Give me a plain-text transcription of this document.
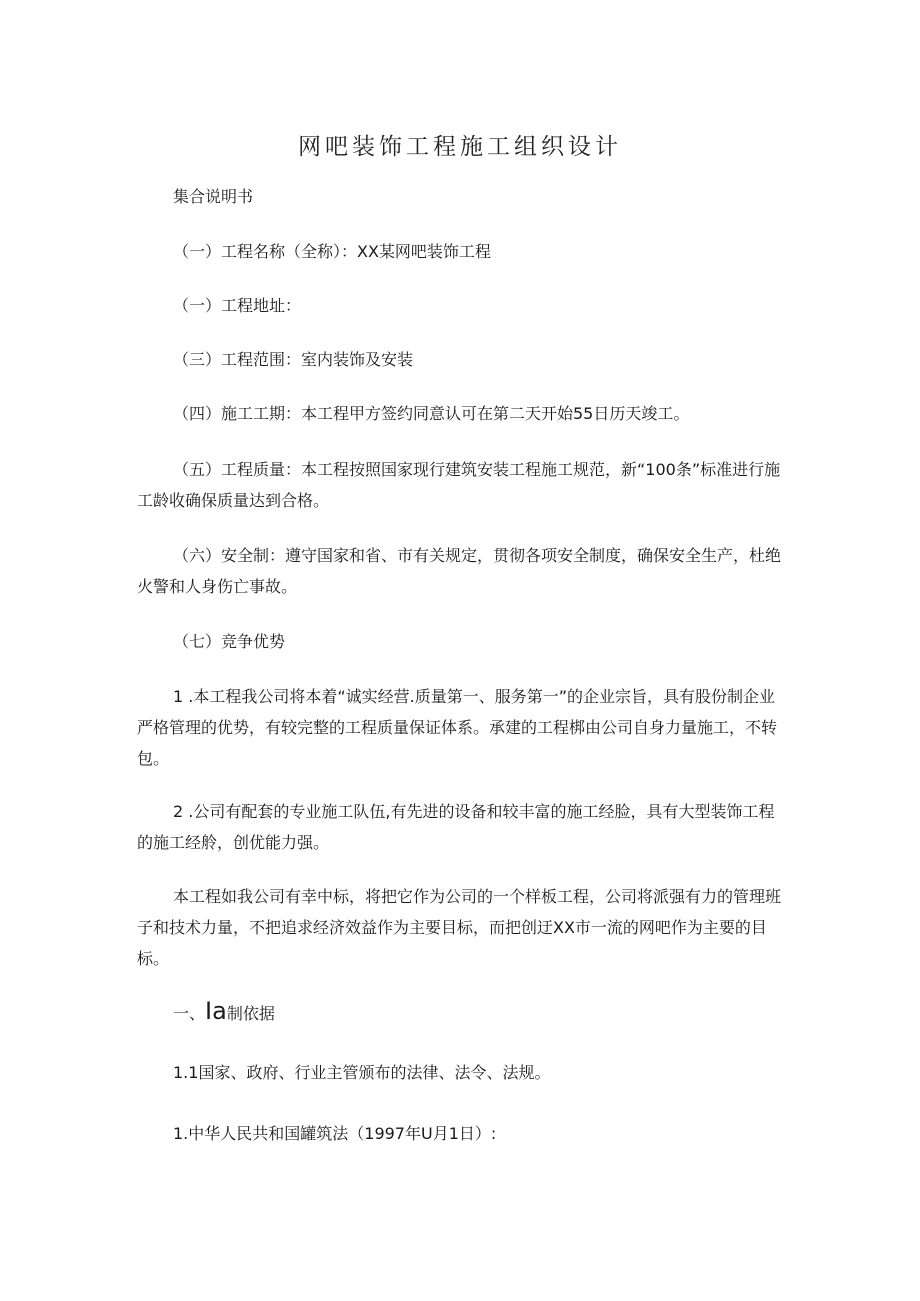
网吧装饰工程施工组织设计
集合说明书
（一）工程名称（全称）：XX某网吧装饰工程
（一）工程地址：
（三）工程范围：室内装饰及安装
（四）施工工期：本工程甲方签约同意认可在第二天开始55日历天竣工。
（五）工程质量：本工程按照国家现行建筑安装工程施工规范，新“100条”标准进行施工龄收确保质量达到合格。
（六）安全制：遵守国家和省、市有关规定，贯彻各项安全制度，确保安全生产，杜绝火警和人身伤亡事故。
（七）竞争优势
1 .本工程我公司将本着“诚实经营.质量第一、服务第一”的企业宗旨，具有股份制企业严格管理的优势，有较完整的工程质量保证体系。承建的工程梆由公司自身力量施工，不转包。
2 .公司有配套的专业施工队伍,有先进的设备和较丰富的施工经脸，具有大型装饰工程的施工经舲，创优能力强。
本工程如我公司有幸中标，将把它作为公司的一个样板工程，公司将派强有力的管理班子和技术力量，不把追求经济效益作为主要目标，而把创迂XX市一流的网吧作为主要的目标。
一、Ia制依据
1.1国家、政府、行业主管颁布的法律、法令、法规。
1.中华人民共和国罐筑法（1997年U月1日）:
